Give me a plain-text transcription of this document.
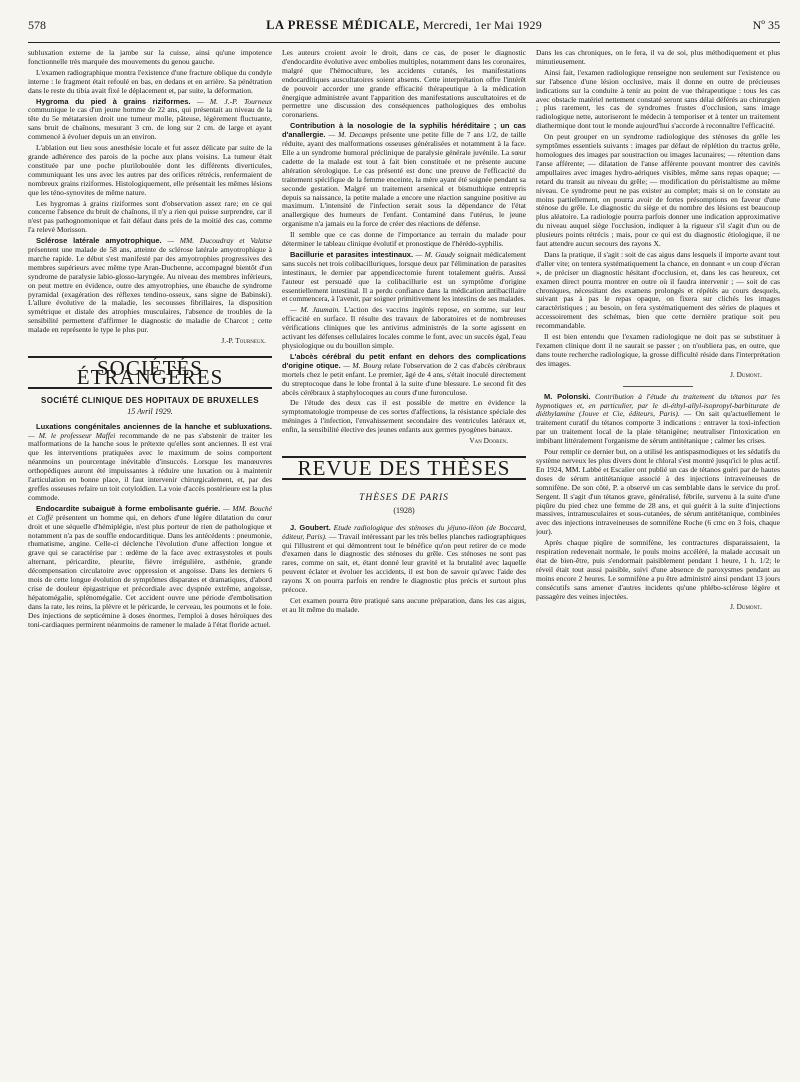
578	LA PRESSE MÉDICALE, Mercredi, 1er Mai 1929	Nº 35

subluxation externe de la jambe sur la cuisse, ainsi qu'une impotence fonctionnelle très marquée des mouvements du genou gauche.

L'examen radiographique montra l'existence d'une fracture oblique du condyle interne : le fragment était refoulé en bas, en dedans et en arrière. Sa pénétration dans le reste du tibia avait fixé le déplacement et, par suite, la déformation.

Hygroma du pied à grains riziformes. — M. J.-P. Tourneux communique le cas d'un jeune homme de 22 ans, qui présentait au niveau de la tête du 5e métatarsien droit une tumeur molle, pâteuse, légèrement fluctuante, sans bruit de chaînons, mesurant 3 cm. de long sur 2 cm. de large et ayant commencé à évoluer depuis un an environ.

L'ablation eut lieu sous anesthésie locale et fut assez délicate par suite de la grande adhérence des parois de la poche aux plans voisins. La tumeur était constituée par une poche pluriloboulée dont les différents diverticules, communiquant les uns avec les autres par des orifices rétrécis, renfermaient de nombreux grains riziformes. Histologiquement, elle présentait les mêmes lésions que les téno-synovites de même nature.

Les hygromas à grains riziformes sont d'observation assez rare; en ce qui concerne l'absence du bruit de chaînons, il n'y a rien qui puisse surprendre, car il n'est pas pathognomonique et fait défaut dans près de la moitié des cas, comme l'a relevé Morisson.

Sclérose latérale amyotrophique. — MM. Ducoudray et Valatse présentent une malade de 58 ans, atteinte de sclérose latérale amyotrophique à marche rapide. Le début s'est manifesté par des amyotrophies progressives des membres supérieurs avec même type Aran-Duchenne, accompagné bientôt d'un syndrome de paralysie labio-glosso-laryngée. Au niveau des membres inférieurs, on peut mettre en évidence, outre des amyotrophies, une ébauche de syndrome pyramidal (exagération des réflexes tendino-osseux, sans signe de Babinski). L'allure évolutive de la maladie, les secousses fibrillaires, la disposition symétrique et distale des atrophies musculaires, l'absence de troubles de la sensibilité permettent d'affirmer le diagnostic de maladie de Charcot ; cette malade en représente le type le plus pur.

J.-P. Tourneux.
SOCIÉTÉS ÉTRANGÈRES
SOCIÉTÉ CLINIQUE DES HOPITAUX DE BRUXELLES
15 Avril 1929.

Luxations congénitales anciennes de la hanche et subluxations. — M. le professeur Maffei recommande de ne pas s'abstenir de traiter les malformations de la hanche sous le prétexte qu'elles sont anciennes. Il est vrai que les interventions pratiquées avec le maximum de soins comportent néanmoins un pourcentage inévitable d'insuccès. Lorsque les manœuvres orthopédiques auront été impuissantes à réduire une luxation ou à maintenir l'articulation en bonne place, il faut intervenir chirurgicalement, et, par des greffes osseuses refaire un toit cotyloïdien. La voie d'accès postérieure est la plus commode.

Endocardite subaiguë à forme embolisante guérie. — MM. Bouché et Coffé présentent un homme qui, en dehors d'une légère dilatation du cœur droit et une séquelle d'hémiplégie, n'est plus porteur de rien de pathologique et notamment n'a pas de souffle endocarditique. Dans les antécédents : pneumonie, rhumatisme, angine. Celle-ci déclenche l'évolution d'une affection longue et grave qui se caractérise par : œdème de la face avec extrasystoles et pouls alternant, péricardite, pleurite, fièvre irrégulière, asthénie, grande décompensation circulatoire avec oppression et angoisse. Dans les derniers 6 mois de cette longue évolution de symptômes disparates et dramatiques, d'abord crise de douleur épigastrique et précordiale avec dyspnée extrême, angoisse, hépatomégalie, splénomégalie. Cet accident ouvre une période d'embolisation dans la rate, les reins, la plèvre et le péricarde, le cerveau, les poumons et le foie. Des injections de septicémine à doses énormes, l'emploi à doses héroïques des toni-cardiaques permirent néanmoins de ramener le malade à l'état floride actuel.

Les auteurs croient avoir le droit, dans ce cas, de poser le diagnostic d'endocardite évolutive avec embolies multiples, notamment dans les coronaires, malgré que l'hémoculture, les accidents cutanés, les manifestations endocarditiques auscultatoires soient absents. Cette interprétation offre l'intérêt de pouvoir accorder une grande efficacité thérapeutique à la médication énergique administrée avant l'apparition des manifestations auscultatoires et de permettre une discussion des conséquences pathologiques des embolus coronariens.

Contribution à la nosologie de la syphilis héréditaire ; un cas d'anallergie. — M. Decamps présente une petite fille de 7 ans 1/2, de taille réduite, ayant des malformations osseuses généralisées et notamment à la face. Elle a un syndrome humoral préclinique de paralysie générale juvénile. La sœur cadette de la malade est tout à fait bien constituée et ne présente aucune altération sérologique. Le cas présenté est donc une preuve de l'efficacité du traitement spécifique de la femme enceinte, la mère ayant été soignée pendant sa seconde gestation. Malgré un traitement arsenical et bismuthique entrepris depuis sa naissance, la petite malade a encore une réaction sanguine positive au maximum. L'intensité de l'infection serait sous la dépendance de l'état anallergique des humeurs de l'enfant. Contaminé dans l'utérus, le jeune organisme n'a jamais eu la force de créer des réactions de défense.

Il semble que ce cas donne de l'importance au terrain du malade pour déterminer le tableau clinique évolutif et pronostique de l'hérédo-syphilis.

Bacillurie et parasites intestinaux. — M. Gaudy soignait médicalement sans succès net trois colibacilluriques, lorsque deux par l'élimination de parasites intestinaux, le dernier par appendicectomie furent totalement guéris. Aussi l'auteur est persuadé que la colibacillurie est un symptôme d'origine essentiellement intestinal. Il a perdu confiance dans la médication antibacillaire et commencera, à l'avenir, par soigner primitivement les intestins de ses malades.

— M. Jaumain. L'action des vaccins ingérés repose, en somme, sur leur efficacité en surface. Il résulte des travaux de laboratoires et de nombreuses vérifications cliniques que les antivirus administrés de la sorte agissent en activant les défenses cellulaires locales comme le font, avec un succès égal, l'eau physiologique ou du bouillon simple.

L'abcès cérébral du petit enfant en dehors des complications d'origine otique. — M. Bourg relate l'observation de 2 cas d'abcès cérébraux mortels chez le petit enfant. Le premier, âgé de 4 ans, s'était inoculé directement du streptocoque dans le lobe frontal à la suite d'une blessure. Le second fit des abcès cérébraux à staphylocoques au cours d'une furonculose.

De l'étude des deux cas il est possible de mettre en évidence la symptomatologie trompeuse de ces sortes d'affections, la résistance spéciale des méninges à l'infection, l'envahissement secondaire des ventricules latéraux et, enfin, la sensibilité élective des jeunes enfants aux germes pyogènes banaux.

Van Dooren.
REVUE DES THÈSES
THÈSES DE PARIS
(1928)

J. Goubert. Etude radiologique des sténoses du jéjuno-iléon (de Boccard, éditeur, Paris). — Travail intéressant par les très belles planches radiographiques qui l'illustrent et qui démontrent tout le bénéfice qu'on peut retirer de ce mode d'examen dans le diagnostic des sténoses du grêle. Ces sténoses ne sont pas rares, comme on sait, et, étant donné leur gravité et la brutalité avec laquelle peuvent éclater et évoluer les accidents, il est bon de savoir qu'avec l'aide des rayons X on pourra parfois en rendre le diagnostic plus précis et surtout plus précoce.

Cet examen pourra être pratiqué sans aucune préparation, dans les cas aigus, et au lit même du malade.

Dans les cas chroniques, on le fera, il va de soi, plus méthodiquement et plus minutieusement.

Ainsi fait, l'examen radiologique renseigne non seulement sur l'existence ou sur l'absence d'une lésion occlusive, mais il donne en outre de précieuses indications sur la conduite à tenir au point de vue thérapeutique : tous les cas avec obstacle matériel nettement constaté seront sans délai déférés au chirurgien ; plus rarement, les cas de syndromes frustes d'occlusion, sans image radiologique nette, autoriseront le médecin à temporiser et à tenter un traitement diathermique dont tout le monde aujourd'hui s'accorde à reconnaître l'efficacité.

On peut grouper en un syndrome radiologique des sténoses du grêle les symptômes essentiels suivants : images par défaut de réplétion du tractus grêle, homologues des images par soustraction ou images lacunaires; — rétention dans l'anse afférente; — dilatation de l'anse afférente pouvant montrer des cavités ampullaires avec images hydro-aériques visibles, même sans repas opaque; — retard du transit au niveau du grêle; — modification du péristaltisme au même niveau. Ce syndrome peut ne pas exister au complet; mais si on le constate au moins partiellement, on pourra avoir de fortes présomptions en faveur d'une sténose du grêle. Le diagnostic du siège et du nombre des lésions est beaucoup plus aléatoire. La radiologie pourra parfois donner une indication approximative du niveau auquel siège l'occlusion, indiquer à la rigueur s'il s'agit d'un ou de plusieurs points rétrécis ; mais, pour ce qui est du diagnostic étiologique, il ne faut attendre aucun secours des rayons X.

Dans la pratique, il s'agit : soit de cas aigus dans lesquels il importe avant tout d'aller vite; on tentera systématiquement la chance, en donnant « un coup d'écran », de préciser un diagnostic hésitant d'occlusion, et, dans les cas heureux, cet examen direct pourra montrer en outre où il faudra intervenir ; — soit de cas chroniques, nécessitant des examens prolongés et répétés au cours desquels, suivant pas à pas le repas opaque, on fixera sur clichés les images caractéristiques ; au besoin, on fera systématiquement des séries de plaques et accessoirement des schémas, bien que cette dernière pratique soit peu recommandable.

Il est bien entendu que l'examen radiologique ne doit pas se substituer à l'examen clinique dont il ne saurait se passer ; on n'oubliera pas, en outre, que dans toute recherche radiologique, la grosse difficulté réside dans l'interprétation des images.

J. Dumont.

M. Polonski. Contribution à l'étude du traitement du tétanos par les hypnotiques et, en particulier, par le di-éthyl-allyl-isopropyl-barbiturate de diéthylamine (Jouve et Cie, éditeurs, Paris). — On sait qu'actuellement le traitement curatif du tétanos comporte 3 indications : entraver la toxi-infection par un traitement local de la plaie tétanigène; neutraliser l'intoxication en imbibant littéralement l'organisme de sérum antitétanique ; calmer les crises.

Pour remplir ce dernier but, on a utilisé les antispasmodiques et les sédatifs du système nerveux les plus divers dont le chloral s'est montré jusqu'ici le plus actif. En 1924, MM. Labbé et Escalier ont publié un cas de tétanos guéri par de hautes doses de sérum antitétanique associé à des injections intraveineuses de somnifène. De son côté, P. a observé un cas semblable dans le service du prof. Sergent. Il s'agit d'un tétanos grave, généralisé, fébrile, survenu à la suite d'une piqûre du pied chez une femme de 28 ans, et qui guérit à la suite d'injections massives, intramusculaires et sous-cutanées, de sérum antitétanique, combinées avec des injections intraveineuses de somnifène Roche (6 cmc en 3 fois, chaque jour).

Après chaque piqûre de somnifène, les contractures disparaissaient, la respiration redevenait normale, le pouls moins accéléré, la malade accusait un état de bien-être, puis s'endormait paisiblement pendant 1 heure, 1 h. 1/2; le réveil était tout aussi paisible, suivi d'une absence de paroxysmes pendant au moins encore 2 heures. Le somnifène a pu être administré ainsi pendant 13 jours consécutifs sans amener d'autres incidents qu'une phlébo-sclérose légère et passagère des veines injectées.

J. Dumont.
